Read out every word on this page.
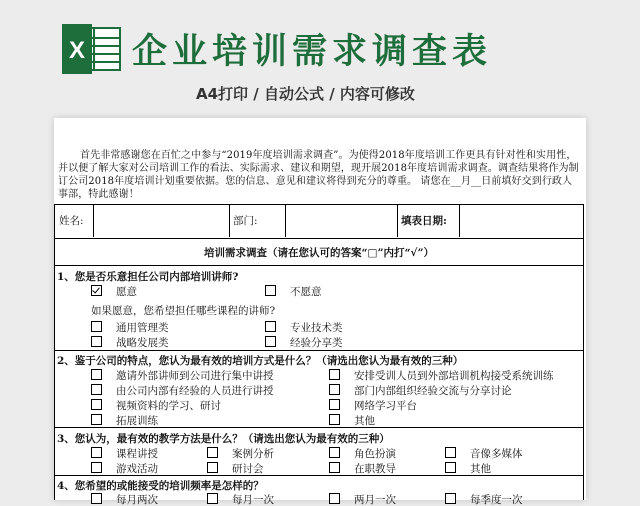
X 企业培训需求调查表
A4打印 / 自动公式 / 内容可修改
首先非常感谢您在百忙之中参与“2019年度培训需求调查”。为使得2018年度培训工作更具有针对性和实用性，并以便了解大家对公司培训工作的看法、实际需求、建议和期望，现开展2018年度培训需求调查。调查结果将作为制订公司2018年度培训计划重要依据。您的信息、意见和建议将得到充分的尊重。 请您在__月__日前填好交到行政人事部，特此感谢！
姓名:	部门:	填表日期:
培训需求调查（请在您认可的答案“□”内打“√”）
1、您是否乐意担任公司内部培训讲师?
愿意	不愿意
如果愿意，您希望担任哪些课程的讲师?
通用管理类	专业技术类
战略发展类	经验分享类
2、鉴于公司的特点，您认为最有效的培训方式是什么？（请选出您认为最有效的三种）
邀请外部讲师到公司进行集中讲授	安排受训人员到外部培训机构接受系统训练
由公司内部有经验的人员进行讲授	部门内部组织经验交流与分享讨论
视频资料的学习、研讨	网络学习平台
拓展训练	其他
3、您认为，最有效的教学方法是什么？（请选出您认为最有效的三种）
课程讲授	案例分析	角色扮演	音像多媒体
游戏活动	研讨会	在职教导	其他
4、您希望的或能接受的培训频率是怎样的？
每月两次	每月一次	两月一次	每季度一次
